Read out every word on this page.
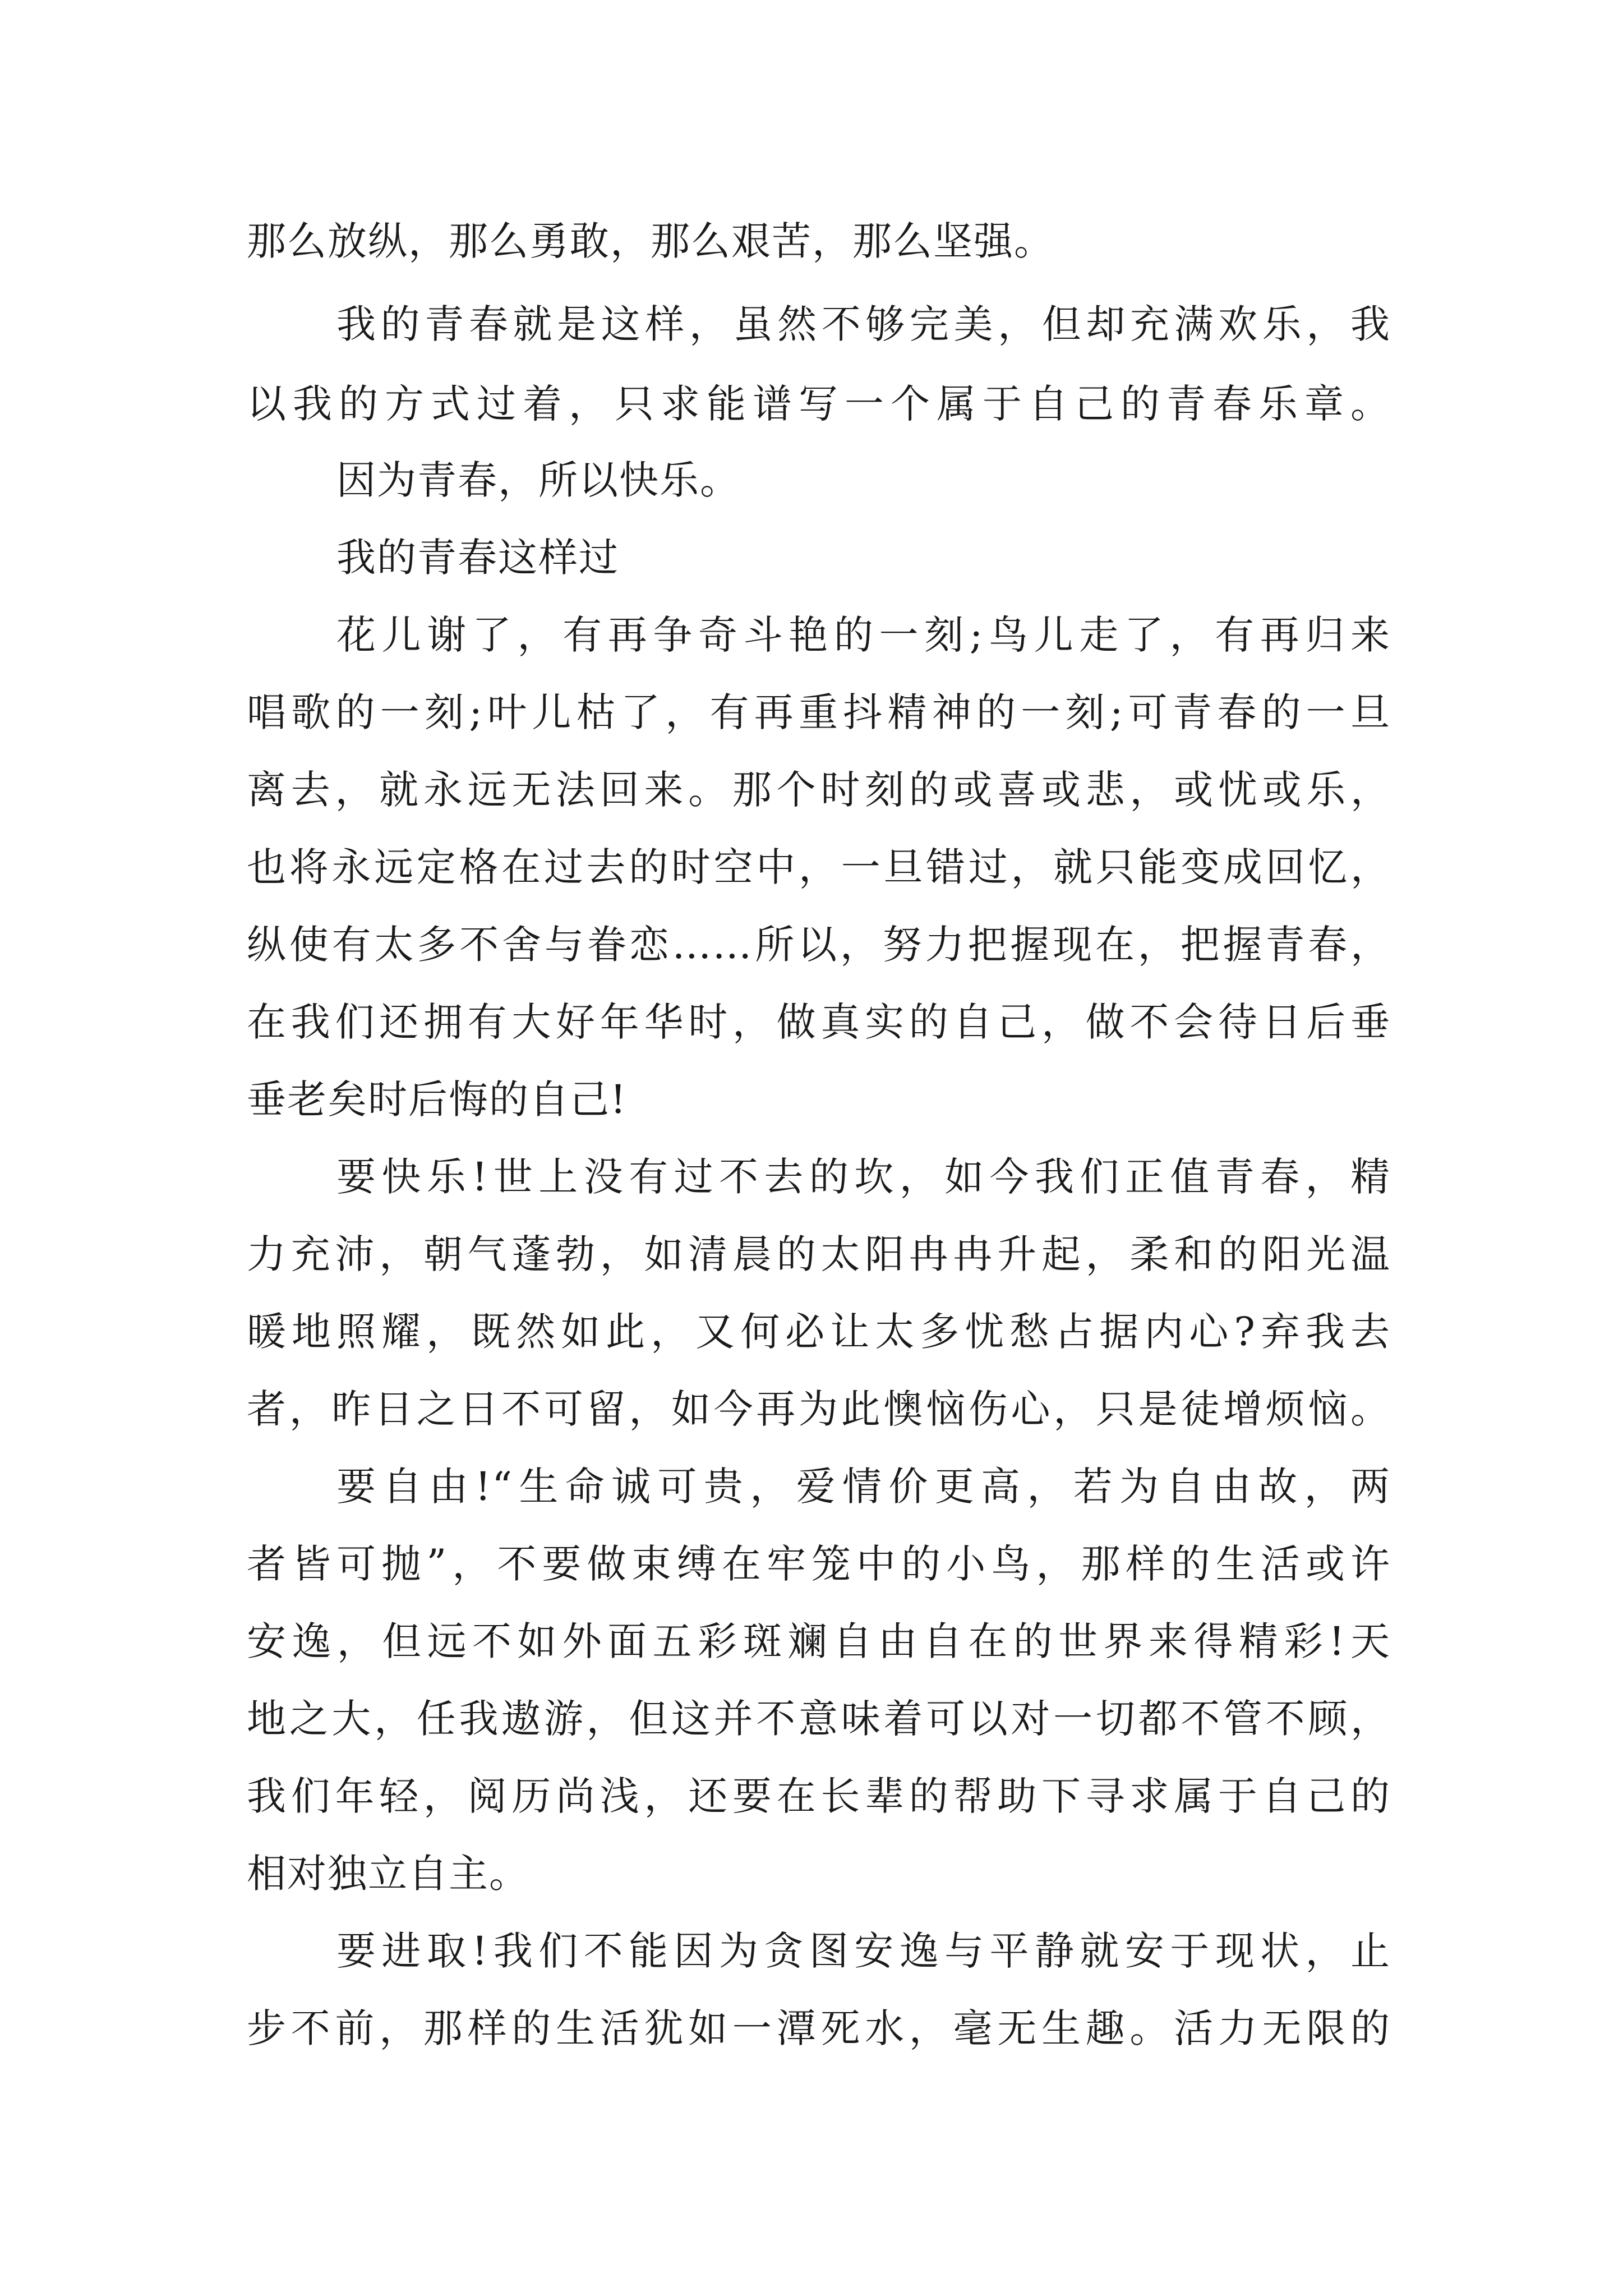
那么放纵，那么勇敢，那么艰苦，那么坚强。
我的青春就是这样，虽然不够完美，但却充满欢乐，我
以我的方式过着，只求能谱写一个属于自己的青春乐章。
因为青春，所以快乐。
我的青春这样过
花儿谢了，有再争奇斗艳的一刻;鸟儿走了，有再归来
唱歌的一刻;叶儿枯了，有再重抖精神的一刻;可青春的一旦
离去，就永远无法回来。那个时刻的或喜或悲，或忧或乐，
也将永远定格在过去的时空中，一旦错过，就只能变成回忆，
纵使有太多不舍与眷恋……所以，努力把握现在，把握青春，
在我们还拥有大好年华时，做真实的自己，做不会待日后垂
垂老矣时后悔的自己!
要快乐!世上没有过不去的坎，如今我们正值青春，精
力充沛，朝气蓬勃，如清晨的太阳冉冉升起，柔和的阳光温
暖地照耀，既然如此，又何必让太多忧愁占据内心?弃我去
者，昨日之日不可留，如今再为此懊恼伤心，只是徒增烦恼。
要自由!“生命诚可贵，爱情价更高，若为自由故，两
者皆可抛”，不要做束缚在牢笼中的小鸟，那样的生活或许
安逸，但远不如外面五彩斑斓自由自在的世界来得精彩!天
地之大，任我遨游，但这并不意味着可以对一切都不管不顾，
我们年轻，阅历尚浅，还要在长辈的帮助下寻求属于自己的
相对独立自主。
要进取!我们不能因为贪图安逸与平静就安于现状，止
步不前，那样的生活犹如一潭死水，毫无生趣。活力无限的
